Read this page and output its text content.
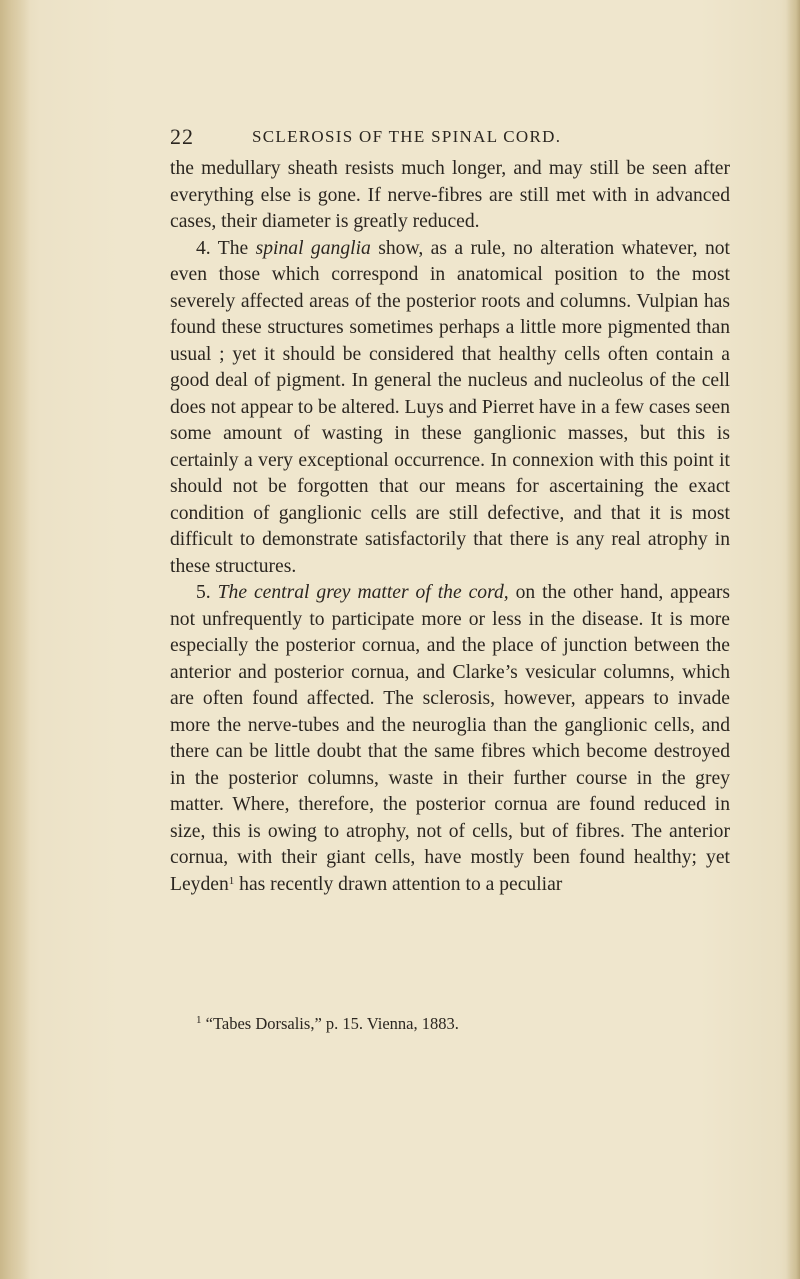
22	SCLEROSIS OF THE SPINAL CORD.

the medullary sheath resists much longer, and may still be seen after everything else is gone. If nerve-fibres are still met with in advanced cases, their diameter is greatly reduced.

4. The spinal ganglia show, as a rule, no alteration whatever, not even those which correspond in anatomical position to the most severely affected areas of the posterior roots and columns. Vulpian has found these structures sometimes perhaps a little more pigmented than usual ; yet it should be considered that healthy cells often contain a good deal of pigment. In general the nucleus and nucleolus of the cell does not appear to be altered. Luys and Pierret have in a few cases seen some amount of wasting in these ganglionic masses, but this is certainly a very exceptional occurrence. In connexion with this point it should not be forgotten that our means for ascertaining the exact condition of ganglionic cells are still defective, and that it is most difficult to demonstrate satisfactorily that there is any real atrophy in these structures.

5. The central grey matter of the cord, on the other hand, appears not unfrequently to participate more or less in the disease. It is more especially the posterior cornua, and the place of junction between the anterior and posterior cornua, and Clarke’s vesicular columns, which are often found affected. The sclerosis, however, appears to invade more the nerve-tubes and the neuroglia than the ganglionic cells, and there can be little doubt that the same fibres which become destroyed in the posterior columns, waste in their further course in the grey matter. Where, therefore, the posterior cornua are found reduced in size, this is owing to atrophy, not of cells, but of fibres. The anterior cornua, with their giant cells, have mostly been found healthy; yet Leyden$^1$ has recently drawn attention to a peculiar

$^1$ “Tabes Dorsalis,” p. 15. Vienna, 1883.
